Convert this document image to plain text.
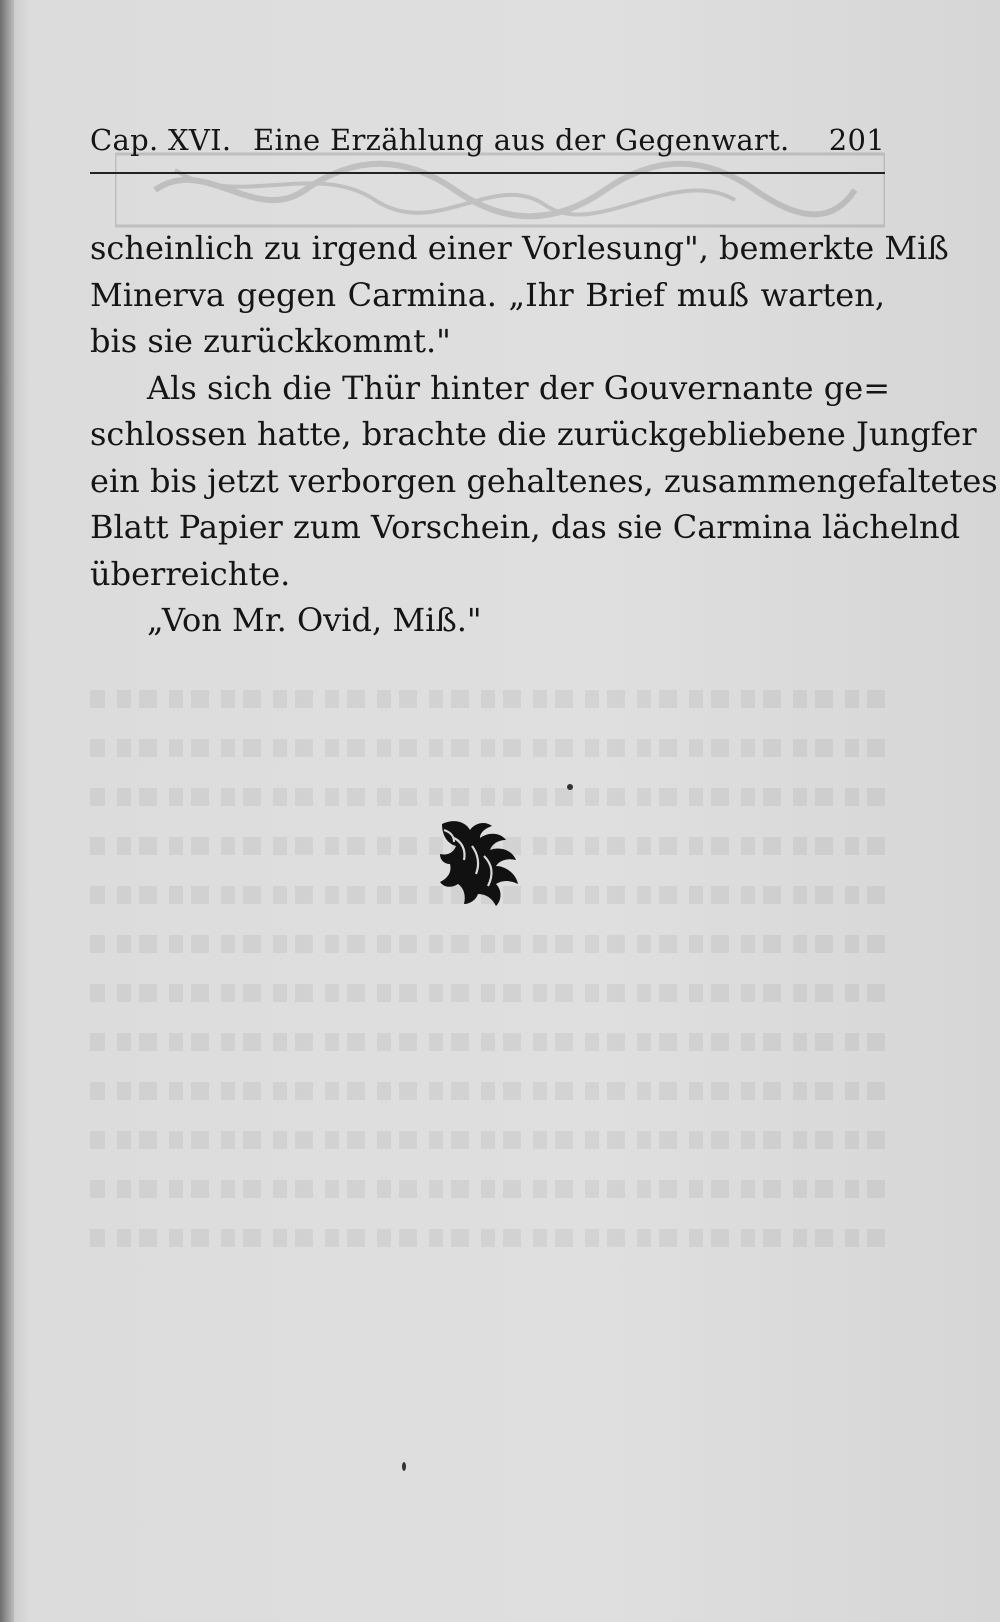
Cap. XVI. Eine Erzählung aus der Gegenwart. 201
scheinlich zu irgend einer Vorlesung", bemerkte Miß
Minerva gegen Carmina. „Ihr Brief muß warten,
bis sie zurückkommt."
Als sich die Thür hinter der Gouvernante ge=
schlossen hatte, brachte die zurückgebliebene Jungfer
ein bis jetzt verborgen gehaltenes, zusammengefaltetes
Blatt Papier zum Vorschein, das sie Carmina lächelnd
überreichte.
„Von Mr. Ovid, Miß."
